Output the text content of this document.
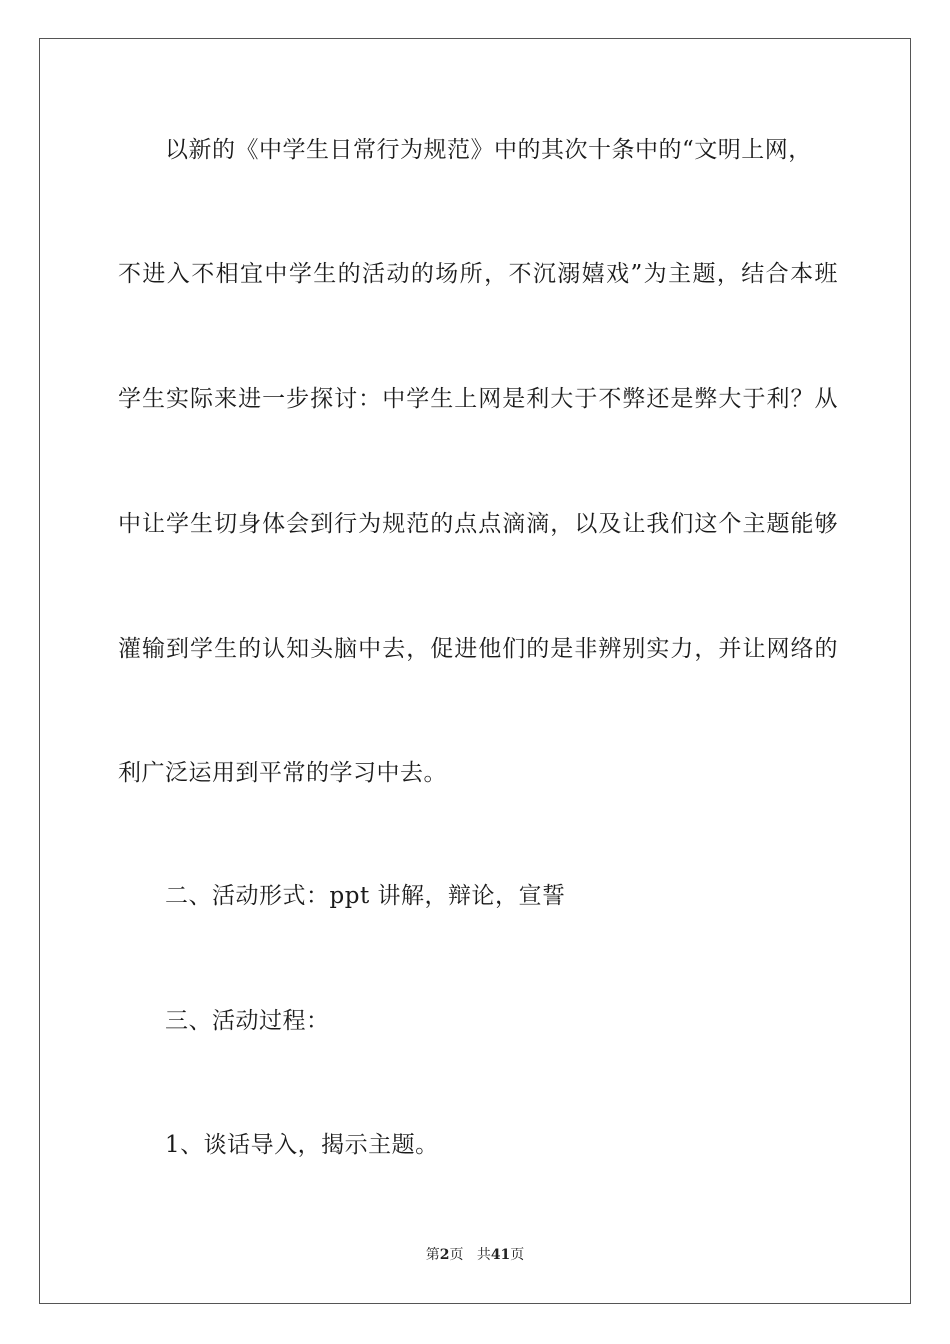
以新的《中学生日常行为规范》中的其次十条中的“文明上网，
不进入不相宜中学生的活动的场所，不沉溺嬉戏”为主题，结合本班
学生实际来进一步探讨：中学生上网是利大于不弊还是弊大于利？从
中让学生切身体会到行为规范的点点滴滴，以及让我们这个主题能够
灌输到学生的认知头脑中去，促进他们的是非辨别实力，并让网络的
利广泛运用到平常的学习中去。
二、活动形式：ppt 讲解，辩论，宣誓
三、活动过程：
1、谈话导入，揭示主题。
第2页 共41页
